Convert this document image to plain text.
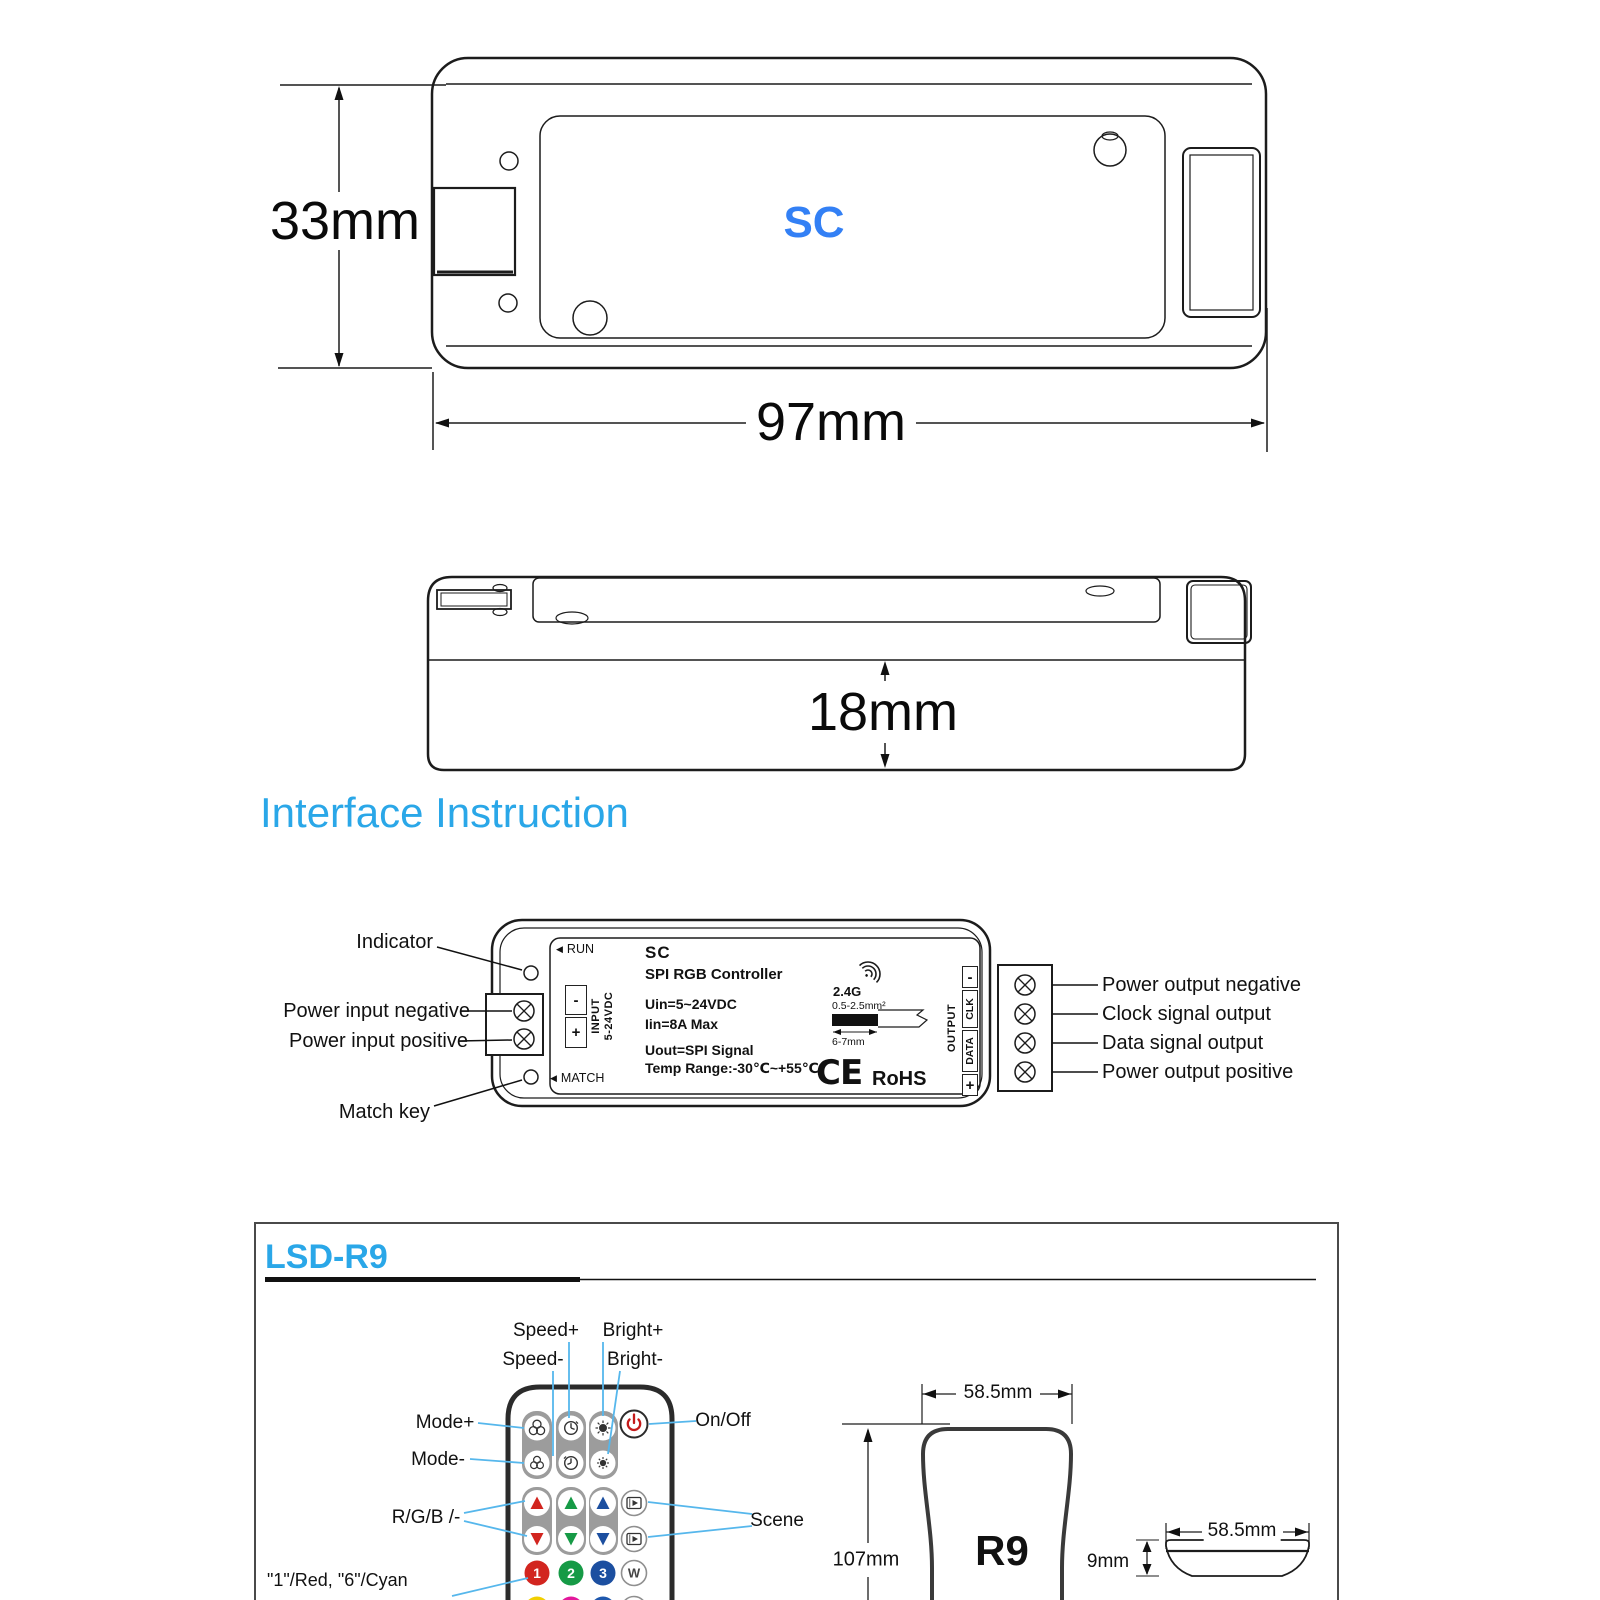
33mm	SC
97mm
18mm
Interface Instruction
Indicator
Power input negative
Power input positive
Match key
Power output negative
Clock signal output
Data signal output
Power output positive
◀ RUN
◀ MATCH
-
+ INPUT 5-24VDC
SC
SPI RGB Controller
Uin=5~24VDC
Iin=8A Max
Uout=SPI Signal
Temp Range:-30℃~+55℃
2.4G
0.5-2.5mm²
6-7mm
CE RoHS
OUTPUT
-
CLK
DATA
+
LSD-R9
Speed+
Speed-
Bright+
Bright-
Mode+
Mode-
R/G/B /-
On/Off
Scene
"1"/Red, "6"/Cyan	1 2 3 W
58.5mm
107mm R9	58.5mm
9mm
